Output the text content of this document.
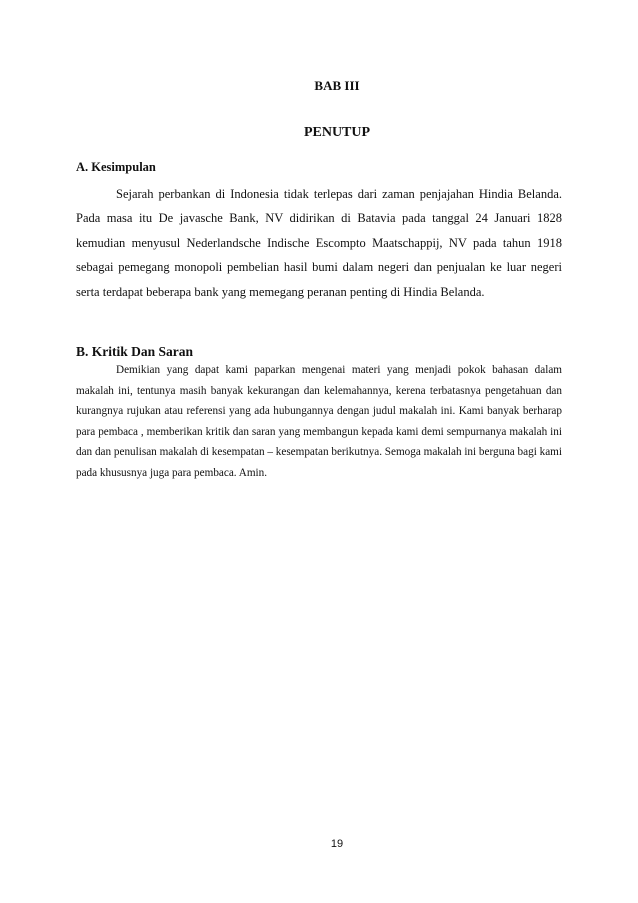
BAB III
PENUTUP
A. Kesimpulan

Sejarah perbankan di Indonesia tidak terlepas dari zaman penjajahan Hindia Belanda. Pada masa itu De javasche Bank, NV didirikan di Batavia pada tanggal 24 Januari 1828 kemudian menyusul Nederlandsche Indische Escompto Maatschappij, NV pada tahun 1918 sebagai pemegang monopoli pembelian hasil bumi dalam negeri dan penjualan ke luar negeri serta terdapat beberapa bank yang memegang peranan penting di Hindia Belanda.

B. Kritik Dan Saran

Demikian yang dapat kami paparkan mengenai materi yang menjadi pokok bahasan dalam makalah ini, tentunya masih banyak kekurangan dan kelemahannya, kerena terbatasnya pengetahuan dan kurangnya rujukan atau referensi yang ada hubungannya dengan judul makalah ini. Kami banyak berharap para pembaca , memberikan kritik dan saran yang membangun kepada kami demi sempurnanya makalah ini dan dan penulisan makalah di kesempatan – kesempatan berikutnya. Semoga makalah ini berguna bagi kami pada khususnya juga para pembaca. Amin.

19
